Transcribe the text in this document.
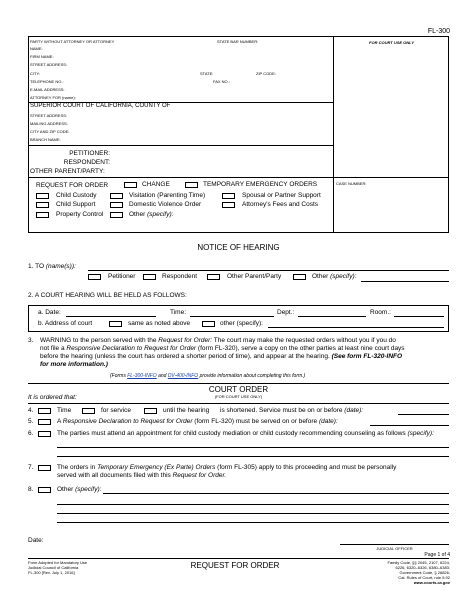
FL-300
PARTY WITHOUT ATTORNEY OR ATTORNEY	STATE BAR NUMBER:	FOR COURT USE ONLY
NAME:
FIRM NAME:
STREET ADDRESS:
CITY:	STATE:	ZIP CODE:
TELEPHONE NO.:	FAX NO.:
E-MAIL ADDRESS:
ATTORNEY FOR (name):
SUPERIOR COURT OF CALIFORNIA, COUNTY OF
STREET ADDRESS:
MAILING ADDRESS:
CITY AND ZIP CODE:
BRANCH NAME:
PETITIONER:
RESPONDENT:
OTHER PARENT/PARTY:
CASE NUMBER:
REQUEST FOR ORDER	CHANGE	TEMPORARY EMERGENCY ORDERS
Child Custody	Visitation (Parenting Time)	Spousal or Partner Support
Child Support	Domestic Violence Order	Attorney's Fees and Costs
Property Control	Other (specify):
NOTICE OF HEARING
1. TO (name(s)):
Petitioner	Respondent	Other Parent/Party	Other (specify):
2. A COURT HEARING WILL BE HELD AS FOLLOWS:
a. Date:	Time:	Dept.:	Room.:
b. Address of court	same as noted above	other (specify):
3. WARNING to the person served with the Request for Order: The court may make the requested orders without you if you do
not file a Responsive Declaration to Request for Order (form FL-320), serve a copy on the other parties at least nine court days
before the hearing (unless the court has ordered a shorter period of time), and appear at the hearing. (See form FL-320-INFO
for more information.)
(Forms FL-300-INFO and DV-400-INFO provide information about completing this form.)
COURT ORDER
(FOR COURT USE ONLY)
It is ordered that:
4.	Time	for service	until the hearing is shortened. Service must be on or before (date):
5.	A Responsive Declaration to Request for Order (form FL-320) must be served on or before (date):
6.	The parties must attend an appointment for child custody mediation or child custody recommending counseling as follows (specify):
7.	The orders in Temporary Emergency (Ex Parte) Orders (form FL-305) apply to this proceeding and must be personally
served with all documents filed with this Request for Order.
8.	Other (specify):
Date:
JUDICIAL OFFICER
Page 1 of 4
Form Adopted for Mandatory Use
Judicial Council of California
FL-300 [Rev. July 1, 2016]
REQUEST FOR ORDER	Family Code, §§ 2045, 2107, 6224,
6226, 6320–6326, 6380–6383;
Government Code, § 26826;
Cal. Rules of Court, rule 5.92
www.courts.ca.gov
